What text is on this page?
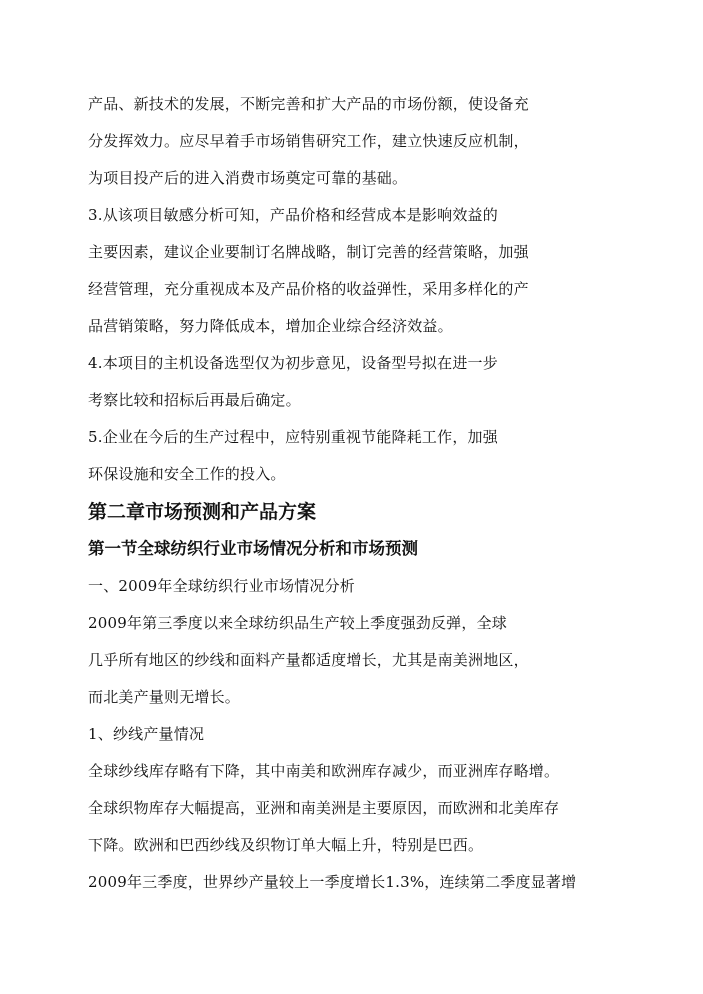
产品、新技术的发展，不断完善和扩大产品的市场份额，使设备充
分发挥效力。应尽早着手市场销售研究工作，建立快速反应机制，
为项目投产后的进入消费市场奠定可靠的基础。
3.从该项目敏感分析可知，产品价格和经营成本是影响效益的
主要因素，建议企业要制订名牌战略，制订完善的经营策略，加强
经营管理，充分重视成本及产品价格的收益弹性，采用多样化的产
品营销策略，努力降低成本，增加企业综合经济效益。
4.本项目的主机设备选型仅为初步意见，设备型号拟在进一步
考察比较和招标后再最后确定。
5.企业在今后的生产过程中，应特别重视节能降耗工作，加强
环保设施和安全工作的投入。
第二章市场预测和产品方案
第一节全球纺织行业市场情况分析和市场预测
一、2009年全球纺织行业市场情况分析
2009年第三季度以来全球纺织品生产较上季度强劲反弹，全球
几乎所有地区的纱线和面料产量都适度增长，尤其是南美洲地区，
而北美产量则无增长。
1、纱线产量情况
全球纱线库存略有下降，其中南美和欧洲库存减少，而亚洲库存略增。
全球织物库存大幅提高，亚洲和南美洲是主要原因，而欧洲和北美库存
下降。欧洲和巴西纱线及织物订单大幅上升，特别是巴西。
2009年三季度，世界纱产量较上一季度增长1.3%，连续第二季度显著增
